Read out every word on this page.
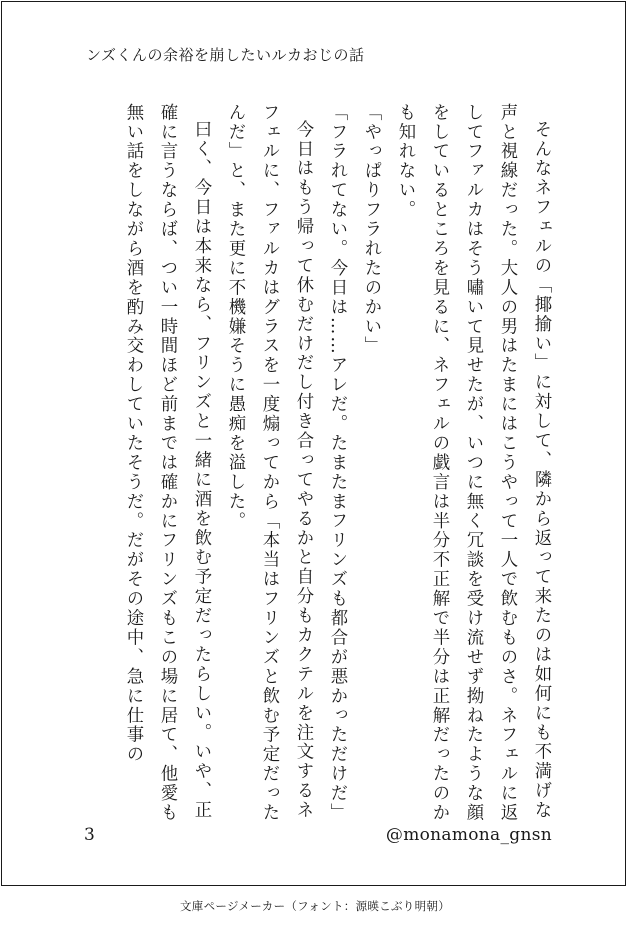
ンズくんの余裕を崩したいルカおじの話

そんなネフェルの「揶揄い」に対して、隣から返って来たのは如何にも不満げな声と視線だった。大人の男はたまにはこうやって一人で飲むものさ。ネフェルに返してファルカはそう嘯いて見せたが、いつに無く冗談を受け流せず拗ねたような顔をしているところを見るに、ネフェルの戯言は半分不正解で半分は正解だったのかも知れない。

「やっぱりフラれたのかい」

「フラれてない。今日は……アレだ。たまたまフリンズも都合が悪かっただけだ」

今日はもう帰って休むだけだし付き合ってやるかと自分もカクテルを注文するネフェルに、ファルカはグラスを一度煽ってから「本当はフリンズと飲む予定だったんだ」と、また更に不機嫌そうに愚痴を溢した。

曰く、今日は本来なら、フリンズと一緒に酒を飲む予定だったらしい。いや、正確に言うならば、つい一時間ほど前までは確かにフリンズもこの場に居て、他愛も無い話をしながら酒を酌み交わしていたそうだ。だがその途中、急に仕事の

3	@monamona_gnsn
文庫ページメーカー（フォント：源暎こぶり明朝）
